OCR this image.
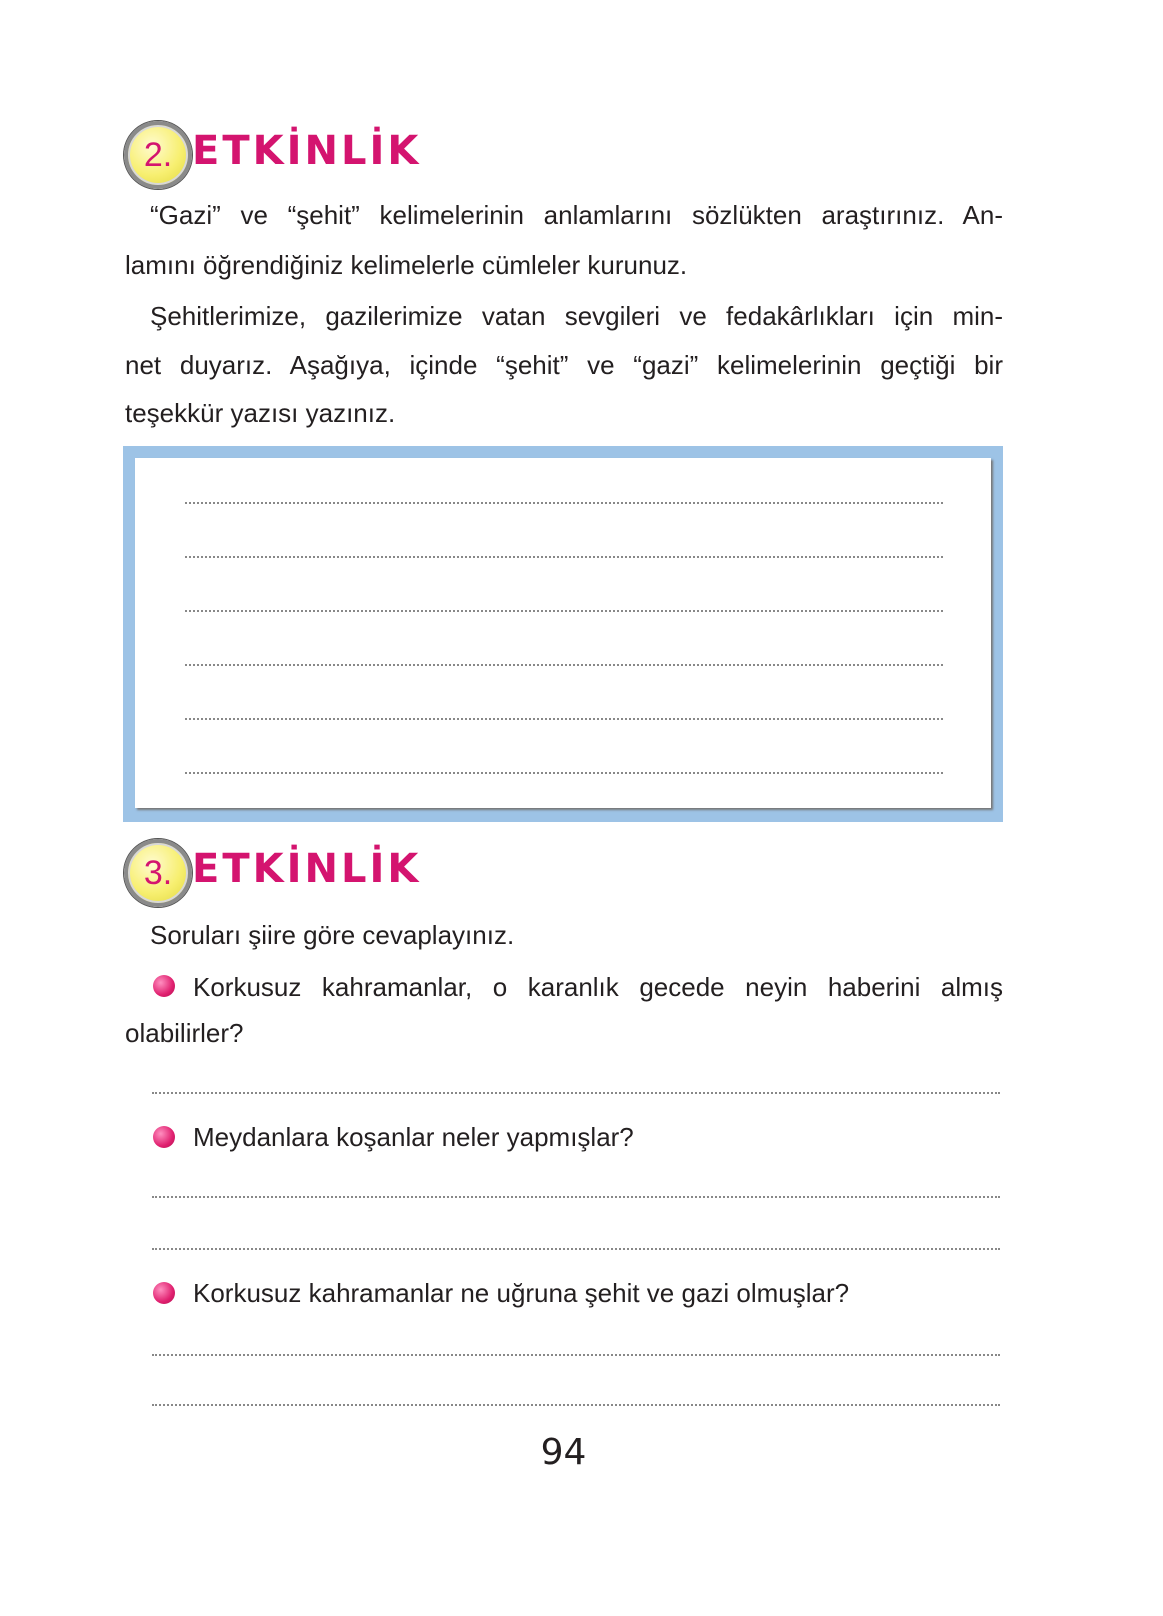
2. ETKİNLİK
“Gazi” ve “şehit” kelimelerinin anlamlarını sözlükten araştırınız. An-
lamını öğrendiğiniz kelimelerle cümleler kurunuz.
Şehitlerimize, gazilerimize vatan sevgileri ve fedakârlıkları için min-
net duyarız. Aşağıya, içinde “şehit” ve “gazi” kelimelerinin geçtiği bir
teşekkür yazısı yazınız.
3. ETKİNLİK
Soruları şiire göre cevaplayınız.
Korkusuz kahramanlar, o karanlık gecede neyin haberini almış
olabilirler?
Meydanlara koşanlar neler yapmışlar?
Korkusuz kahramanlar ne uğruna şehit ve gazi olmuşlar?
94
